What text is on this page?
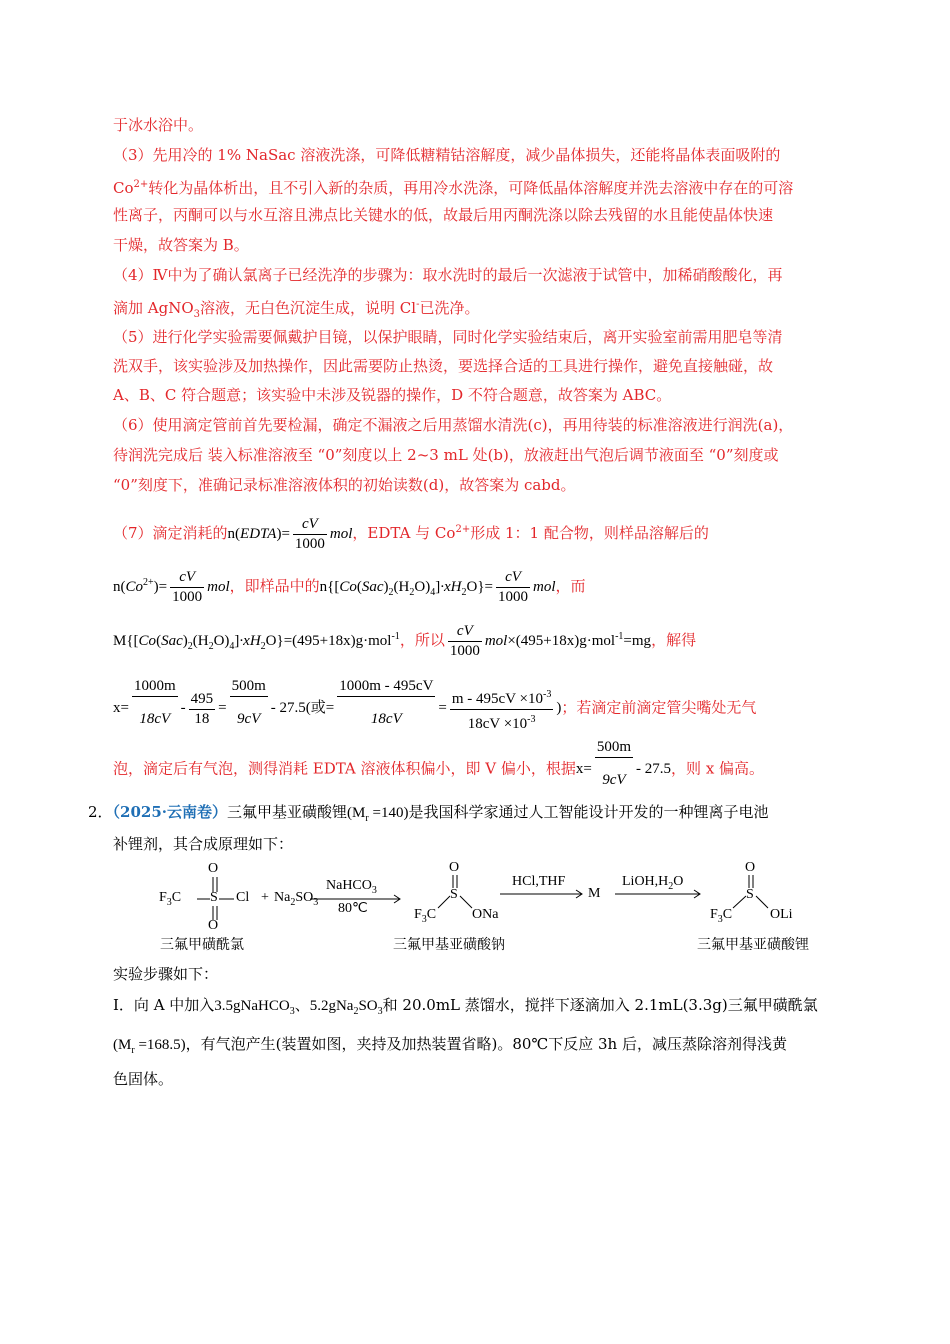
于冰水浴中。
（3）先用冷的 1% NaSac 溶液洗涤，可降低糖精钴溶解度，减少晶体损失，还能将晶体表面吸附的
$Co^{2+}$转化为晶体析出，且不引入新的杂质，再用冷水洗涤，可降低晶体溶解度并洗去溶液中存在的可溶
性离子，丙酮可以与水互溶且沸点比关键水的低，故最后用丙酮洗涤以除去残留的水且能使晶体快速
干燥，故答案为 B。
（4）Ⅳ中为了确认氯离子已经洗净的步骤为：取水洗时的最后一次滤液于试管中，加稀硝酸酸化，再
滴加 AgNO$_3$溶液，无白色沉淀生成，说明 Cl-已洗净。
（5）进行化学实验需要佩戴护目镜，以保护眼睛，同时化学实验结束后，离开实验室前需用肥皂等清
洗双手，该实验涉及加热操作，因此需要防止热烫，要选择合适的工具进行操作，避免直接触碰，故
A、B、C 符合题意；该实验中未涉及锐器的操作，D 不符合题意，故答案为 ABC。
（6）使用滴定管前首先要检漏，确定不漏液之后用蒸馏水清洗(c)，再用待装的标准溶液进行润洗(a)，
待润洗完成后 装入标准溶液至 “0”刻度以上 2~3 mL 处(b)，放液赶出气泡后调节液面至 “0”刻度或
“0”刻度下，准确记录标准溶液体积的初始读数(d)，故答案为 cabd。
（7）滴定消耗的n(EDTA)= $\frac{cV}{1000}$ mol，EDTA 与 $Co^{2+}$形成 1：1 配合物，则样品溶解后的
$n(Co^{2+})= \frac{cV}{1000}$ mol，即样品中的$n\{[Co(Sac)_2(H_2O)_4]\cdot xH_2O\}= \frac{cV}{1000}$ mol，而
$M\{[Co(Sac)_2(H_2O)_4]\cdot xH_2O\}=(495+18x)g\cdot mol^{-1}$，所以 $\frac{cV}{1000} mol\times(495+18x)g\cdot mol^{-1}=mg$，解得
$x= \frac{1000m}{18cV} - \frac{495}{18} = \frac{500m}{9cV} - 27.5$(或= $\frac{1000m - 495cV}{18cV} = \frac{m - 495cV \times 10^{-3}}{18cV \times 10^{-3}}$ )；若滴定前滴定管尖嘴处无气
泡，滴定后有气泡，测得消耗 EDTA 溶液体积偏小，即 V 偏小，根据$x= \frac{500m}{9cV} - 27.5$，则 x 偏高。
2．（2025·云南卷）三氟甲基亚磺酸锂$(M_r =140)$是我国科学家通过人工智能设计开发的一种锂离子电池
补锂剂，其合成原理如下：
O
$F_3C$ S Cl
O
+ $Na_2SO_3$
NaHCO$_3$
80℃
O
S
$F_3C$	ONa
HCl,THF
M
$LiOH,H_2O$
O
S
$F_3C$	OLi
三氟甲磺酰氯	三氟甲基亚磺酸钠	三氟甲基亚磺酸锂
实验步骤如下：
I．向 A 中加入3.5gNaHCO$_3$、$5.2gNa_2SO_3$和 20.0mL 蒸馏水，搅拌下逐滴加入 2.1mL(3.3g)三氟甲磺酰氯
$(M_r =168.5)$，有气泡产生(装置如图，夹持及加热装置省略)。80℃下反应 3h 后，减压蒸除溶剂得浅黄
色固体。
